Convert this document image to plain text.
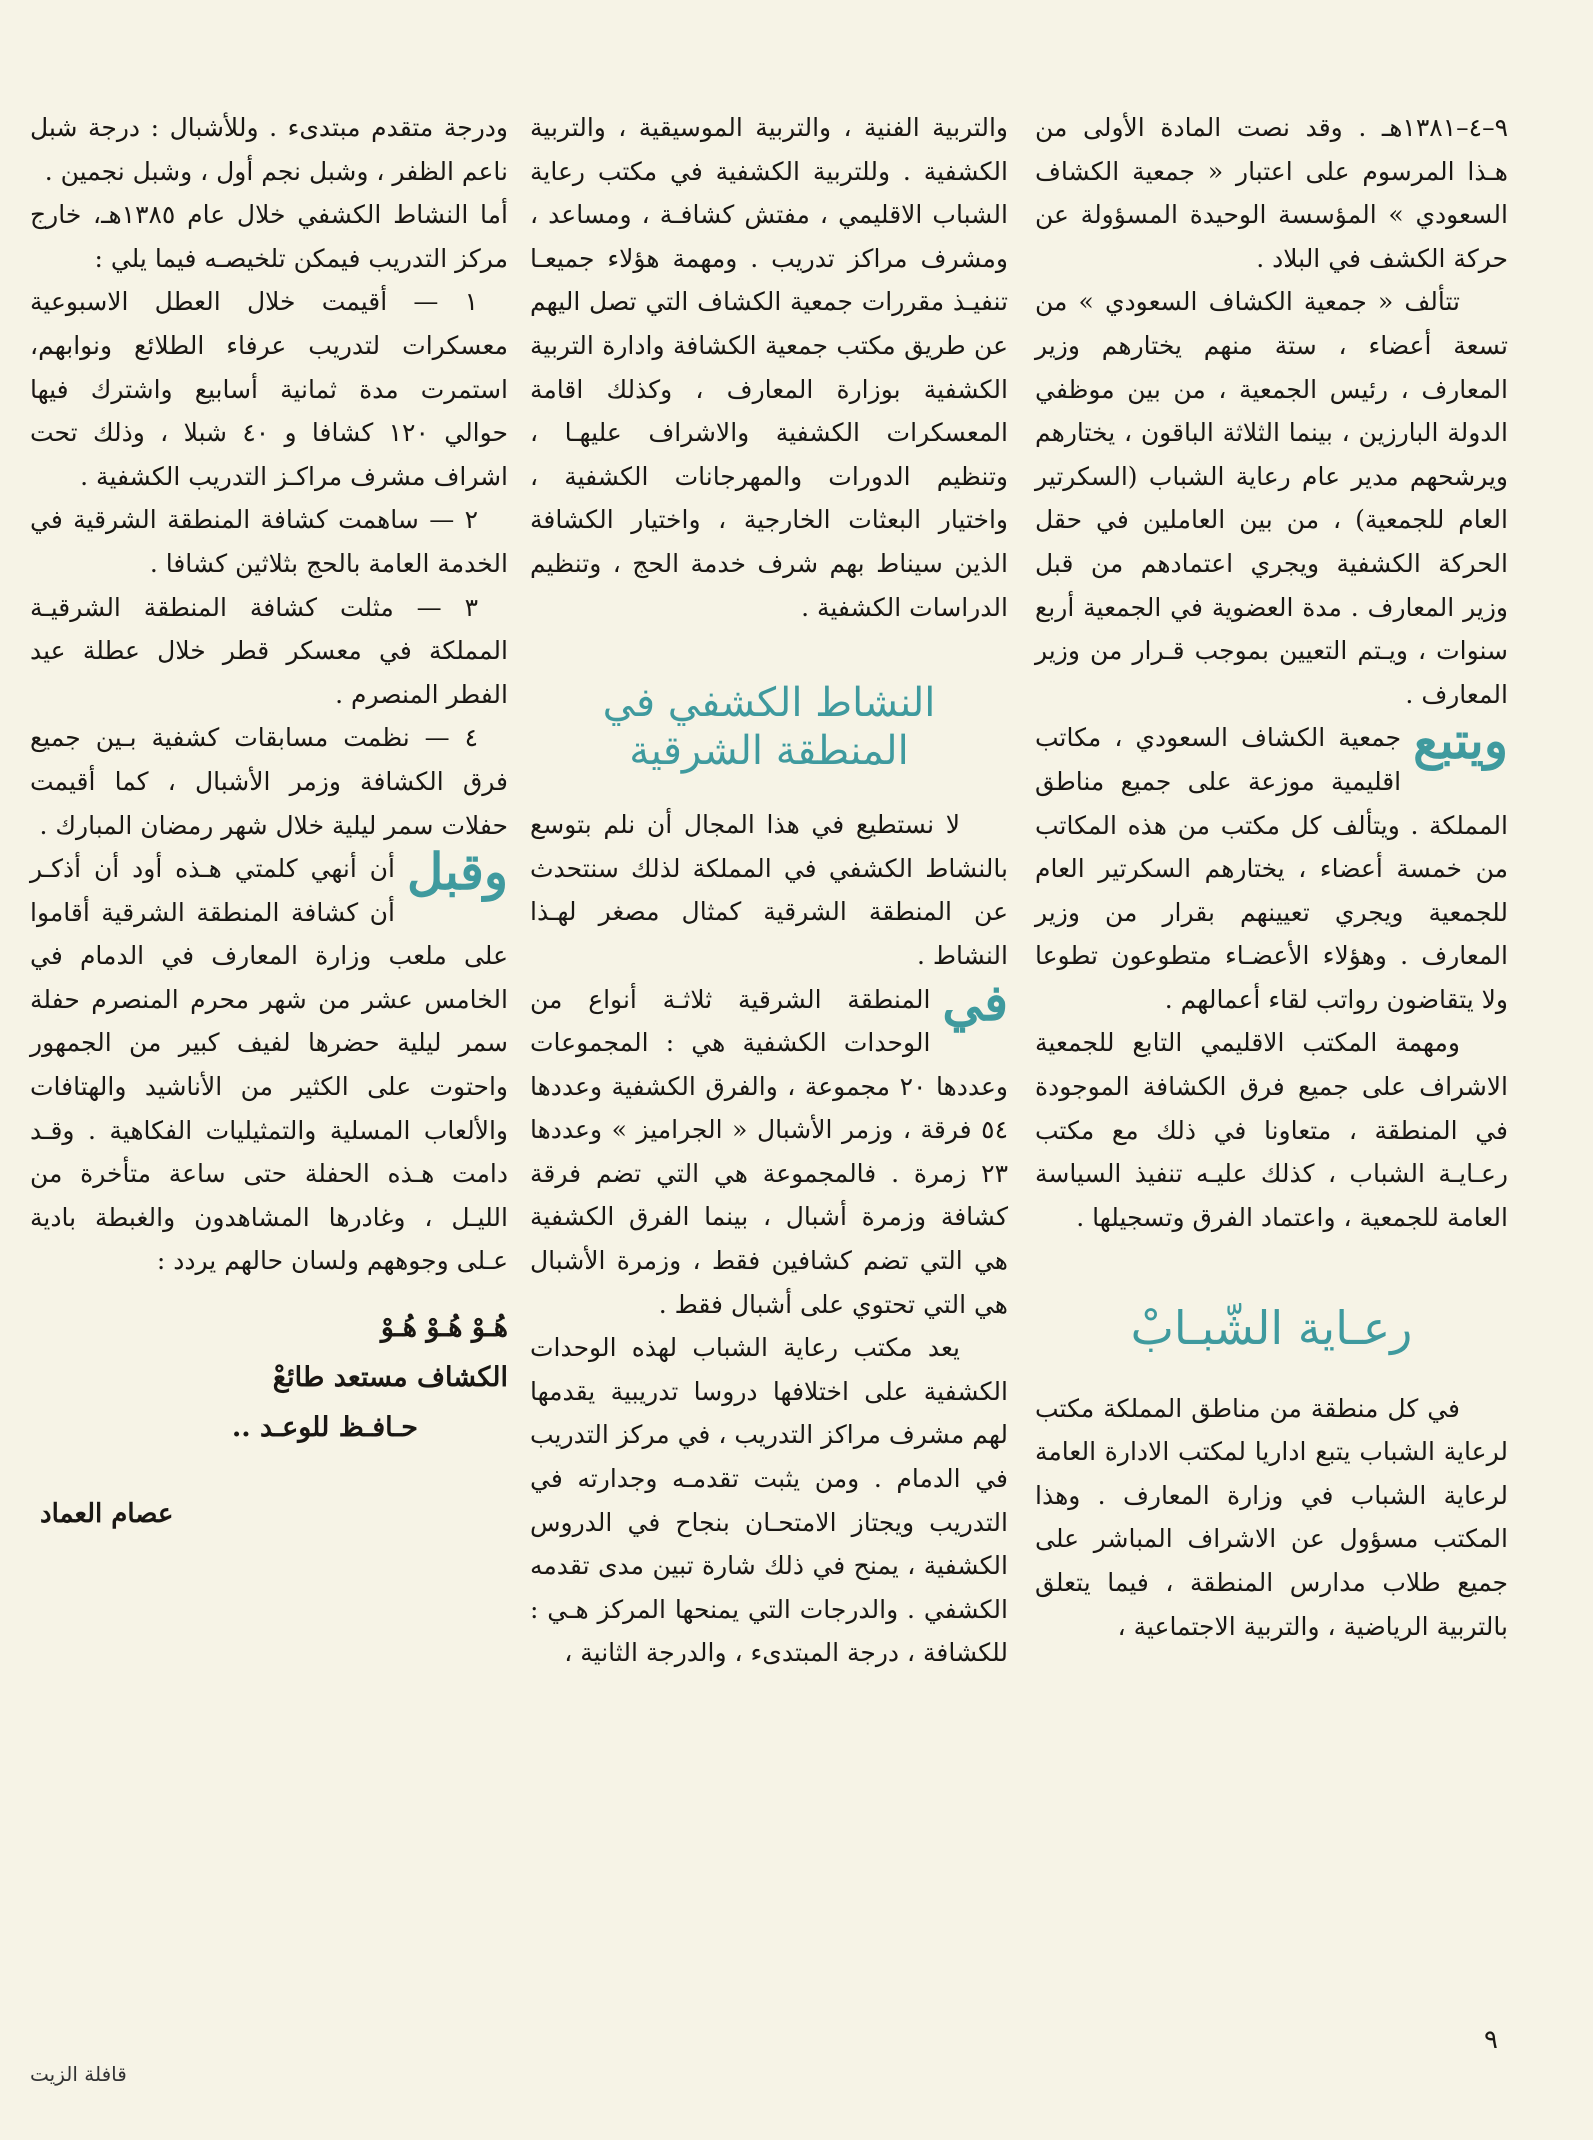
٩–٤–١٣٨١هـ . وقد نصت المادة الأولى من هـذا المرسوم على اعتبار « جمعية الكشاف السعودي » المؤسسة الوحيدة المسؤولة عن حركة الكشف في البلاد .

تتألف « جمعية الكشاف السعودي » من تسعة أعضاء ، ستة منهم يختارهم وزير المعارف ، رئيس الجمعية ، من بين موظفي الدولة البارزين ، بينما الثلاثة الباقون ، يختارهم ويرشحهم مدير عام رعاية الشباب (السكرتير العام للجمعية) ، من بين العاملين في حقل الحركة الكشفية ويجري اعتمادهم من قبل وزير المعارف . مدة العضوية في الجمعية أربع سنوات ، ويـتم التعيين بموجب قـرار من وزير المعارف .

ويتبع
جمعية الكشاف السعودي ، مكاتب اقليمية موزعة على جميع مناطق المملكة . ويتألف كل مكتب من هذه المكاتب من خمسة أعضاء ، يختارهم السكرتير العام للجمعية ويجري تعيينهم بقرار من وزير المعارف . وهؤلاء الأعضـاء متطوعون تطوعا ولا يتقاضون رواتب لقاء أعمالهم .

ومهمة المكتب الاقليمي التابع للجمعية الاشراف على جميع فرق الكشافة الموجودة في المنطقة ، متعاونا في ذلك مع مكتب رعـايـة الشباب ، كذلك عليـه تنفيذ السياسة العامة للجمعية ، واعتماد الفرق وتسجيلها .

رعـاية الشّبـابْ

في كل منطقة من مناطق المملكة مكتب لرعاية الشباب يتبع اداريا لمكتب الادارة العامة لرعاية الشباب في وزارة المعارف . وهذا المكتب مسؤول عن الاشراف المباشر على جميع طلاب مدارس المنطقة ، فيما يتعلق بالتربية الرياضية ، والتربية الاجتماعية ،

والتربية الفنية ، والتربية الموسيقية ، والتربية الكشفية . وللتربية الكشفية في مكتب رعاية الشباب الاقليمي ، مفتش كشافـة ، ومساعد ، ومشرف مراكز تدريب . ومهمة هؤلاء جميعـا تنفيـذ مقررات جمعية الكشاف التي تصل اليهم عن طريق مكتب جمعية الكشافة وادارة التربية الكشفية بوزارة المعارف ، وكذلك اقامة المعسكرات الكشفية والاشراف عليهـا ، وتنظيم الدورات والمهرجانات الكشفية ، واختيار البعثات الخارجية ، واختيار الكشافة الذين سيناط بهم شرف خدمة الحج ، وتنظيم الدراسات الكشفية .

النشاط الكشفي في المنطقة الشرقية

لا نستطيع في هذا المجال أن نلم بتوسع بالنشاط الكشفي في المملكة لذلك سنتحدث عن المنطقة الشرقية كمثال مصغر لهـذا النشاط .

في
المنطقة الشرقية ثلاثـة أنواع من الوحدات الكشفية هي : المجموعات وعددها ٢٠ مجموعة ، والفرق الكشفية وعددها ٥٤ فرقة ، وزمر الأشبال « الجراميز » وعددها ٢٣ زمرة . فالمجموعة هي التي تضم فرقة كشافة وزمرة أشبال ، بينما الفرق الكشفية هي التي تضم كشافين فقط ، وزمرة الأشبال هي التي تحتوي على أشبال فقط .

يعد مكتب رعاية الشباب لهذه الوحدات الكشفية على اختلافها دروسا تدريبية يقدمها لهم مشرف مراكز التدريب ، في مركز التدريب في الدمام . ومن يثبت تقدمـه وجدارته في التدريب ويجتاز الامتحـان بنجاح في الدروس الكشفية ، يمنح في ذلك شارة تبين مدى تقدمه الكشفي . والدرجات التي يمنحها المركز هـي : للكشافة ، درجة المبتدىء ، والدرجة الثانية ،

ودرجة متقدم مبتدىء . وللأشبال : درجة شبل ناعم الظفر ، وشبل نجم أول ، وشبل نجمين .

أما النشاط الكشفي خلال عام ١٣٨٥هـ، خارج مركز التدريب فيمكن تلخيصـه فيما يلي :

١ — أقيمت خلال العطل الاسبوعية معسكرات لتدريب عرفاء الطلائع ونوابهم، استمرت مدة ثمانية أسابيع واشترك فيها حوالي ١٢٠ كشافا و ٤٠ شبلا ، وذلك تحت اشراف مشرف مراكـز التدريب الكشفية .

٢ — ساهمت كشافة المنطقة الشرقية في الخدمة العامة بالحج بثلاثين كشافا .

٣ — مثلت كشافة المنطقة الشرقيـة المملكة في معسكر قطر خلال عطلة عيد الفطر المنصرم .

٤ — نظمت مسابقات كشفية بـين جميع فرق الكشافة وزمر الأشبال ، كما أقيمت حفلات سمر ليلية خلال شهر رمضان المبارك .

وقبل
أن أنهي كلمتي هـذه أود أن أذكـر أن كشافة المنطقة الشرقية أقاموا على ملعب وزارة المعارف في الدمام في الخامس عشر من شهر محرم المنصرم حفلة سمر ليلية حضرها لفيف كبير من الجمهور واحتوت على الكثير من الأناشيد والهتافات والألعاب المسلية والتمثيليات الفكاهية . وقـد دامت هـذه الحفلة حتى ساعة متأخرة من الليـل ، وغادرها المشاهدون والغبطة بادية عـلى وجوههم ولسان حالهم يردد :

هُـوْ هُـوْ هُـوْ
الكشاف مستعد طائعْ
حـافـظ للوعـد ..
عصام العماد
٩
قافلة الزيت
